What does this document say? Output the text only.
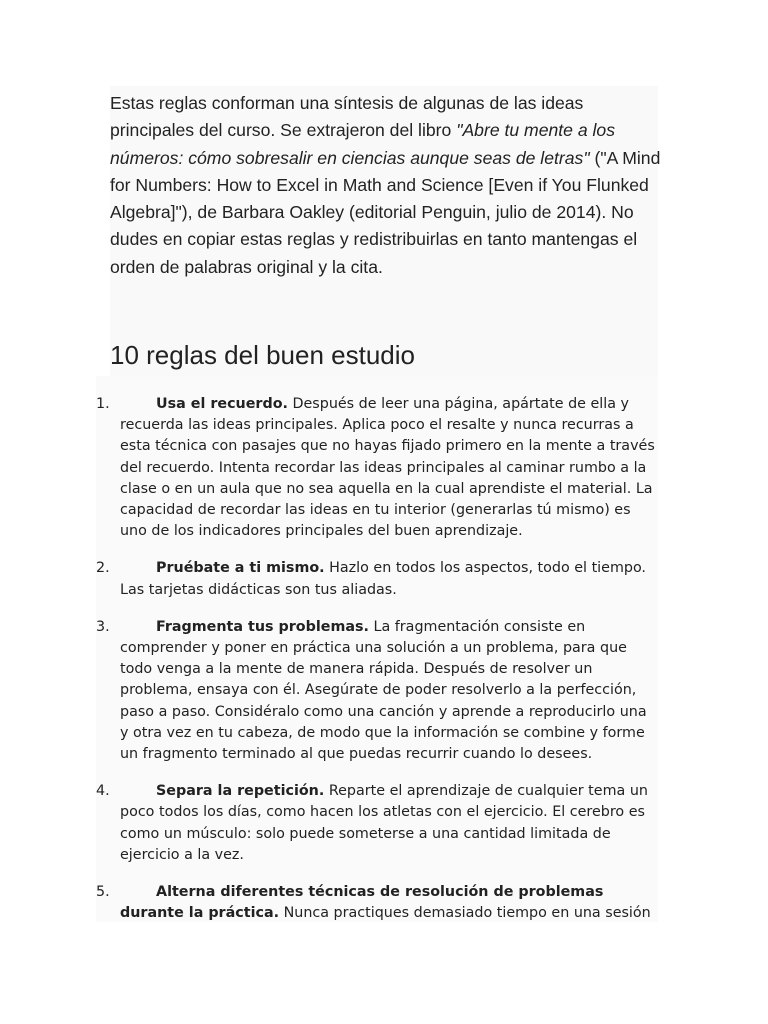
Estas reglas conforman una síntesis de algunas de las ideas principales del curso. Se extrajeron del libro "Abre tu mente a los números: cómo sobresalir en ciencias aunque seas de letras" ("A Mind for Numbers: How to Excel in Math and Science [Even if You Flunked Algebra]"), de Barbara Oakley (editorial Penguin, julio de 2014). No dudes en copiar estas reglas y redistribuirlas en tanto mantengas el orden de palabras original y la cita.

10 reglas del buen estudio
1.	Usa el recuerdo. Después de leer una página, apártate de ella y recuerda las ideas principales. Aplica poco el resalte y nunca recurras a esta técnica con pasajes que no hayas fijado primero en la mente a través del recuerdo. Intenta recordar las ideas principales al caminar rumbo a la clase o en un aula que no sea aquella en la cual aprendiste el material. La capacidad de recordar las ideas en tu interior (generarlas tú mismo) es uno de los indicadores principales del buen aprendizaje.
2.	Pruébate a ti mismo. Hazlo en todos los aspectos, todo el tiempo. Las tarjetas didácticas son tus aliadas.
3.	Fragmenta tus problemas. La fragmentación consiste en comprender y poner en práctica una solución a un problema, para que todo venga a la mente de manera rápida. Después de resolver un problema, ensaya con él. Asegúrate de poder resolverlo a la perfección, paso a paso. Considéralo como una canción y aprende a reproducirlo una y otra vez en tu cabeza, de modo que la información se combine y forme un fragmento terminado al que puedas recurrir cuando lo desees.
4.	Separa la repetición. Reparte el aprendizaje de cualquier tema un poco todos los días, como hacen los atletas con el ejercicio. El cerebro es como un músculo: solo puede someterse a una cantidad limitada de ejercicio a la vez.
5.	Alterna diferentes técnicas de resolución de problemas durante la práctica. Nunca practiques demasiado tiempo en una sesión
